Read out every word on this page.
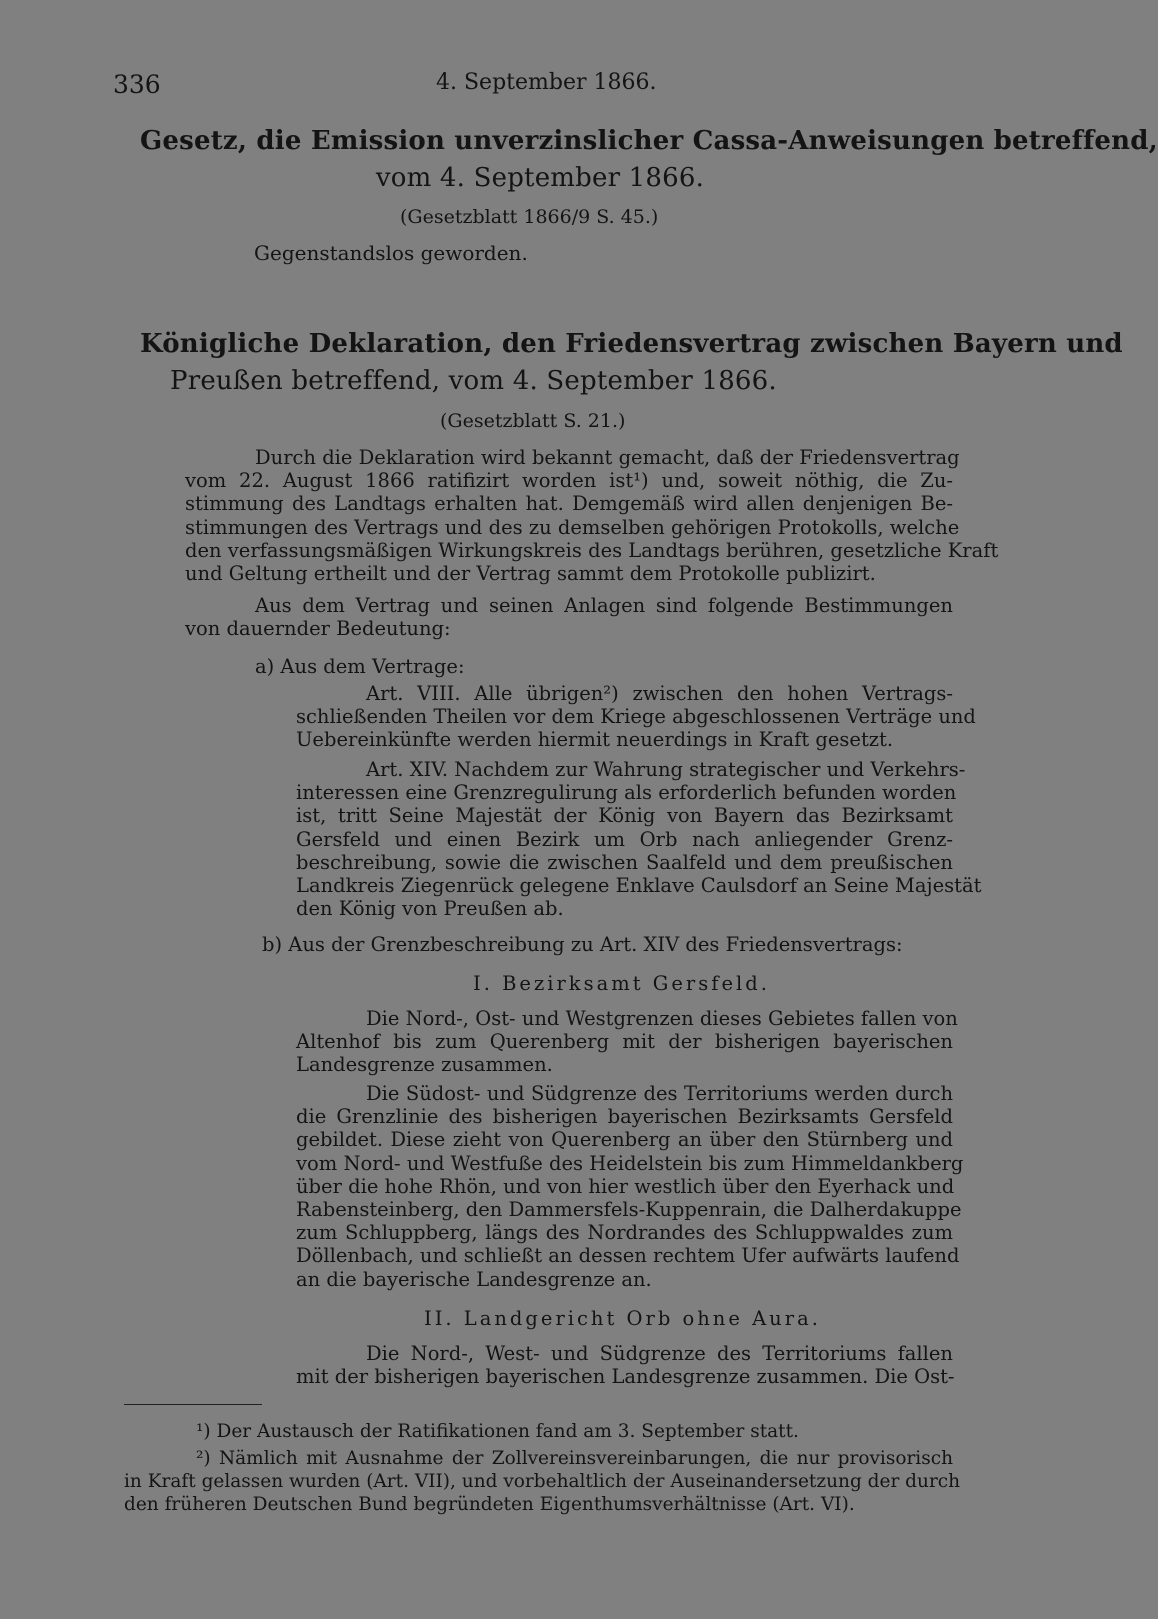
336	4. September 1866.
Gesetz, die Emission unverzinslicher Cassa-Anweisungen betreffend,
vom 4. September 1866.
(Gesetzblatt 1866/9 S. 45.)
Gegenstandslos geworden.
Königliche Deklaration, den Friedensvertrag zwischen Bayern und
Preußen betreffend, vom 4. September 1866.
(Gesetzblatt S. 21.)
Durch die Deklaration wird bekannt gemacht, daß der Friedensvertrag
vom 22. August 1866 ratifizirt worden ist¹) und, soweit nöthig, die Zu-
stimmung des Landtags erhalten hat. Demgemäß wird allen denjenigen Be-
stimmungen des Vertrags und des zu demselben gehörigen Protokolls, welche
den verfassungsmäßigen Wirkungskreis des Landtags berühren, gesetzliche Kraft
und Geltung ertheilt und der Vertrag sammt dem Protokolle publizirt.
Aus dem Vertrag und seinen Anlagen sind folgende Bestimmungen
von dauernder Bedeutung:
a) Aus dem Vertrage:
Art. VIII. Alle übrigen²) zwischen den hohen Vertrags-
schließenden Theilen vor dem Kriege abgeschlossenen Verträge und
Uebereinkünfte werden hiermit neuerdings in Kraft gesetzt.
Art. XIV. Nachdem zur Wahrung strategischer und Verkehrs-
interessen eine Grenzregulirung als erforderlich befunden worden
ist, tritt Seine Majestät der König von Bayern das Bezirksamt
Gersfeld und einen Bezirk um Orb nach anliegender Grenz-
beschreibung, sowie die zwischen Saalfeld und dem preußischen
Landkreis Ziegenrück gelegene Enklave Caulsdorf an Seine Majestät
den König von Preußen ab.
b) Aus der Grenzbeschreibung zu Art. XIV des Friedensvertrags:
I. Bezirksamt Gersfeld.
Die Nord-, Ost- und Westgrenzen dieses Gebietes fallen von
Altenhof bis zum Querenberg mit der bisherigen bayerischen
Landesgrenze zusammen.
Die Südost- und Südgrenze des Territoriums werden durch
die Grenzlinie des bisherigen bayerischen Bezirksamts Gersfeld
gebildet. Diese zieht von Querenberg an über den Stürnberg und
vom Nord- und Westfuße des Heidelstein bis zum Himmeldankberg
über die hohe Rhön, und von hier westlich über den Eyerhack und
Rabensteinberg, den Dammersfels-Kuppenrain, die Dalherdakuppe
zum Schluppberg, längs des Nordrandes des Schluppwaldes zum
Döllenbach, und schließt an dessen rechtem Ufer aufwärts laufend
an die bayerische Landesgrenze an.
II. Landgericht Orb ohne Aura.
Die Nord-, West- und Südgrenze des Territoriums fallen
mit der bisherigen bayerischen Landesgrenze zusammen. Die Ost-
¹) Der Austausch der Ratifikationen fand am 3. September statt.
²) Nämlich mit Ausnahme der Zollvereinsvereinbarungen, die nur provisorisch
in Kraft gelassen wurden (Art. VII), und vorbehaltlich der Auseinandersetzung der durch
den früheren Deutschen Bund begründeten Eigenthumsverhältnisse (Art. VI).
